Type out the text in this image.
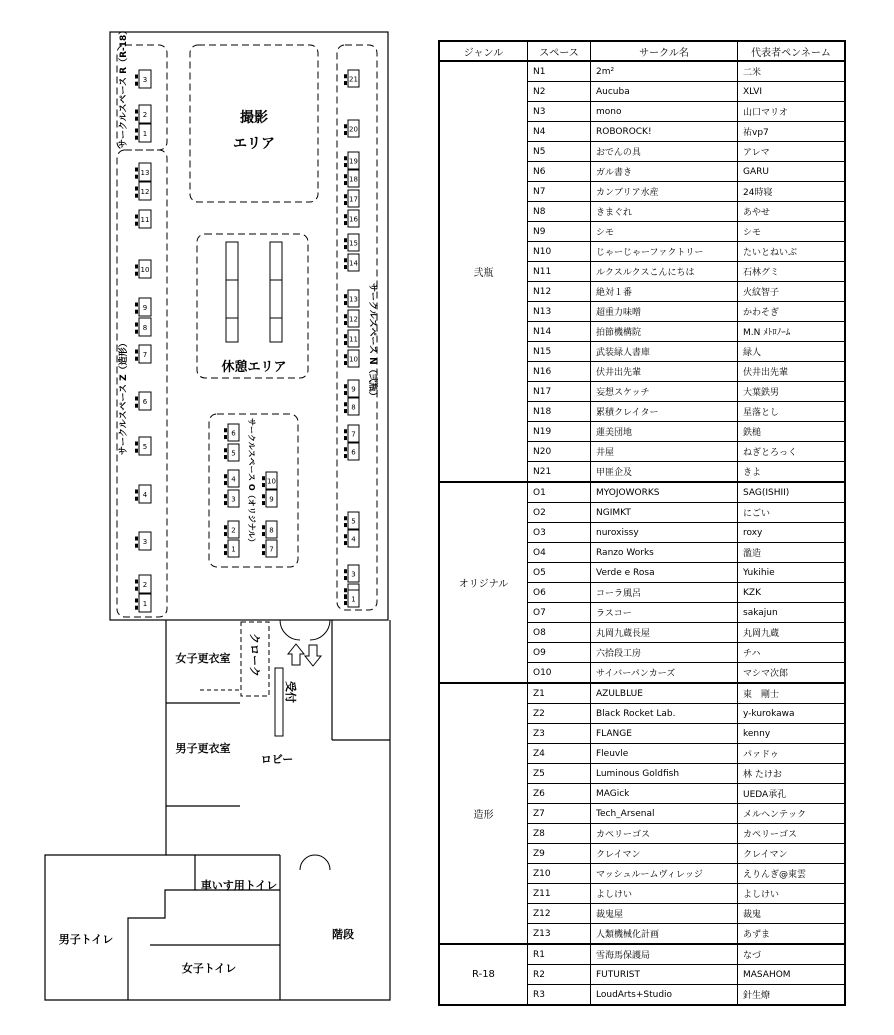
撮影
エリア
休憩エリア
サークルスペース Z（造形）
サークルスペース R（R-18）
サークルスペース N（弐瓶）
サークルスペース O（オリジナル）
13
12
11
10
9
8
7
6
5
4
3
2
1
3
2
1
21
20
19
18
17
16
15
14
13
12
11
10
9
8
7
6
5
4
3
1
6
5
4
3
2
1
10
9
8
7
クローク
受付
女子更衣室
男子更衣室
ロビー
車いす用トイレ
男子トイレ
女子トイレ
階段
ジャンル	スペース	サークル名	代表者ペンネーム
弐瓶	N1	2m²	二米
	N2	Aucuba	XLVI
	N3	mono	山口マリオ
	N4	ROBOROCK!	祐vp7
	N5	おでんの具	アレマ
	N6	ガル書き	GARU
	N7	カンブリア水産	24時寝
	N8	きまぐれ	あやせ
	N9	シモ	シモ
	N10	じゃーじゃーファクトリー	たいとねいぶ
	N11	ルクスルクスこんにちは	石林グミ
	N12	絶対１番	火紋智子
	N13	超重力味噌	かわそぎ
	N14	拍節機構院	M.N ﾒﾄﾛﾉｰﾑ
	N15	武装緑人書庫	緑人
	N16	伏井出先輩	伏井出先輩
	N17	妄想スケッチ	大葉鉄男
	N18	累積クレイター	星落とし
	N19	蓮美団地	鉄槌
	N20	井屋	ねぎとろっく
	N21	甲匪企及	きよ
オリジナル	O1	MYOJOWORKS	SAG(ISHII)
	O2	NGIMKT	にごい
	O3	nuroxissy	roxy
	O4	Ranzo Works	濫造
	O5	Verde e Rosa	Yukihie
	O6	コーラ風呂	KZK
	O7	ラスコー	sakajun
	O8	丸岡九蔵長屋	丸岡九蔵
	O9	六拾段工房	チハ
	O10	サイバーパンカーズ	マシマ次郎
造形	Z1	AZULBLUE	東　剛士
	Z2	Black Rocket Lab.	y-kurokawa
	Z3	FLANGE	kenny
	Z4	Fleuvle	パァドゥ
	Z5	Luminous Goldfish	林 たけお
	Z6	MAGick	UEDA承孔
	Z7	Tech_Arsenal	メルヘンテック
	Z8	カペリーゴス	カペリーゴス
	Z9	クレイマン	クレイマン
	Z10	マッシュルームヴィレッジ	えりんぎ@東雲
	Z11	よしけい	よしけい
	Z12	裁鬼屋	裁鬼
	Z13	人類機械化計画	あずま
R-18	R1	雪海馬保護局	なづ
	R2	FUTURIST	MASAHOM
	R3	LoudArts+Studio	針生燎
